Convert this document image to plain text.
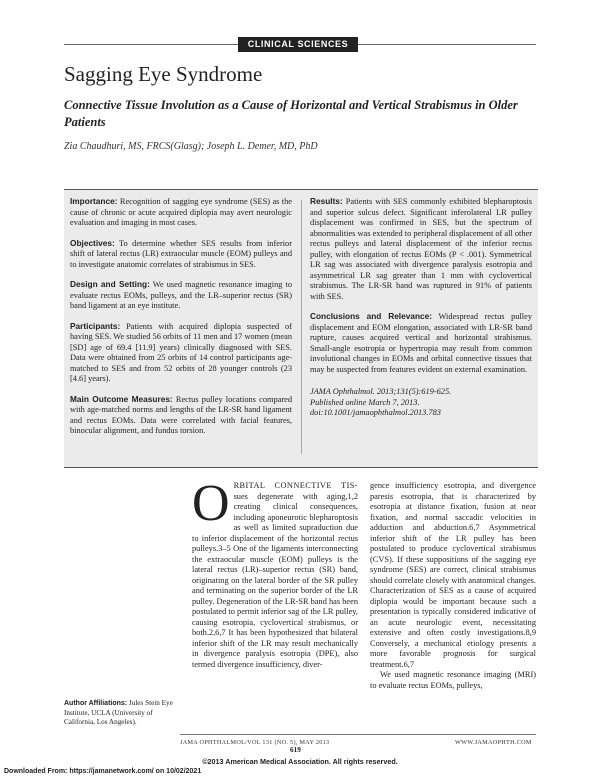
CLINICAL SCIENCES
Sagging Eye Syndrome
Connective Tissue Involution as a Cause of Horizontal and Vertical Strabismus in Older Patients
Zia Chaudhuri, MS, FRCS(Glasg); Joseph L. Demer, MD, PhD

Importance: Recognition of sagging eye syndrome (SES) as the cause of chronic or acute acquired diplopia may avert neurologic evaluation and imaging in most cases.

Objectives: To determine whether SES results from inferior shift of lateral rectus (LR) extraocular muscle (EOM) pulleys and to investigate anatomic correlates of strabismus in SES.

Design and Setting: We used magnetic resonance imaging to evaluate rectus EOMs, pulleys, and the LR–superior rectus (SR) band ligament at an eye institute.

Participants: Patients with acquired diplopia suspected of having SES. We studied 56 orbits of 11 men and 17 women (mean [SD] age of 69.4 [11.9] years) clinically diagnosed with SES. Data were obtained from 25 orbits of 14 control participants age-matched to SES and from 52 orbits of 28 younger controls (23 [4.6] years).

Main Outcome Measures: Rectus pulley locations compared with age-matched norms and lengths of the LR-SR band ligament and rectus EOMs. Data were correlated with facial features, binocular alignment, and fundus torsion.

Results: Patients with SES commonly exhibited blepharoptosis and superior sulcus defect. Significant inferolateral LR pulley displacement was confirmed in SES, but the spectrum of abnormalities was extended to peripheral displacement of all other rectus pulleys and lateral displacement of the inferior rectus pulley, with elongation of rectus EOMs (P < .001). Symmetrical LR sag was associated with divergence paralysis esotropia and asymmetrical LR sag greater than 1 mm with cyclovertical strabismus. The LR-SR band was ruptured in 91% of patients with SES.

Conclusions and Relevance: Widespread rectus pulley displacement and EOM elongation, associated with LR-SR band rupture, causes acquired vertical and horizontal strabismus. Small-angle esotropia or hypertropia may result from common involutional changes in EOMs and orbital connective tissues that may be suspected from features evident on external examination.

JAMA Ophthalmol. 2013;131(5):619-625.
Published online March 7, 2013.
doi:10.1001/jamaophthalmol.2013.783

O RBITAL CONNECTIVE TIS- sues degenerate with aging,1,2 creating clinical consequences, including aponeurotic blepharoptosis as well as limited supraduction due to inferior displacement of the horizontal rectus pulleys.3–5 One of the ligaments interconnecting the extraocular muscle (EOM) pulleys is the lateral rectus (LR)–superior rectus (SR) band, originating on the lateral border of the SR pulley and terminating on the superior border of the LR pulley. Degeneration of the LR-SR band has been postulated to permit inferior sag of the LR pulley, causing esotropia, cyclovertical strabismus, or both.2,6,7 It has been hypothesized that bilateral inferior shift of the LR may result mechanically in divergence paralysis esotropia (DPE), also termed divergence insufficiency, diver-

gence insufficiency esotropia, and divergence paresis esotropia, that is characterized by esotropia at distance fixation, fusion at near fixation, and normal saccadic velocities in adduction and abduction.6,7 Asymmetrical inferior shift of the LR pulley has been postulated to produce cyclovertical strabismus (CVS). If these suppositions of the sagging eye syndrome (SES) are correct, clinical strabismus should correlate closely with anatomical changes. Characterization of SES as a cause of acquired diplopia would be important because such a presentation is typically considered indicative of an acute neurologic event, necessitating extensive and often costly investigations.8,9 Conversely, a mechanical etiology presents a more favorable prognosis for surgical treatment.6,7

We used magnetic resonance imaging (MRI) to evaluate rectus EOMs, pulleys,

Author Affiliations: Jules Stein Eye Institute, UCLA (University of California, Los Angeles).
JAMA OPHTHALMOL/VOL 131 (NO. 5), MAY 2013	WWW.JAMAOPHTH.COM
619
©2013 American Medical Association. All rights reserved.
Downloaded From: https://jamanetwork.com/ on 10/02/2021
